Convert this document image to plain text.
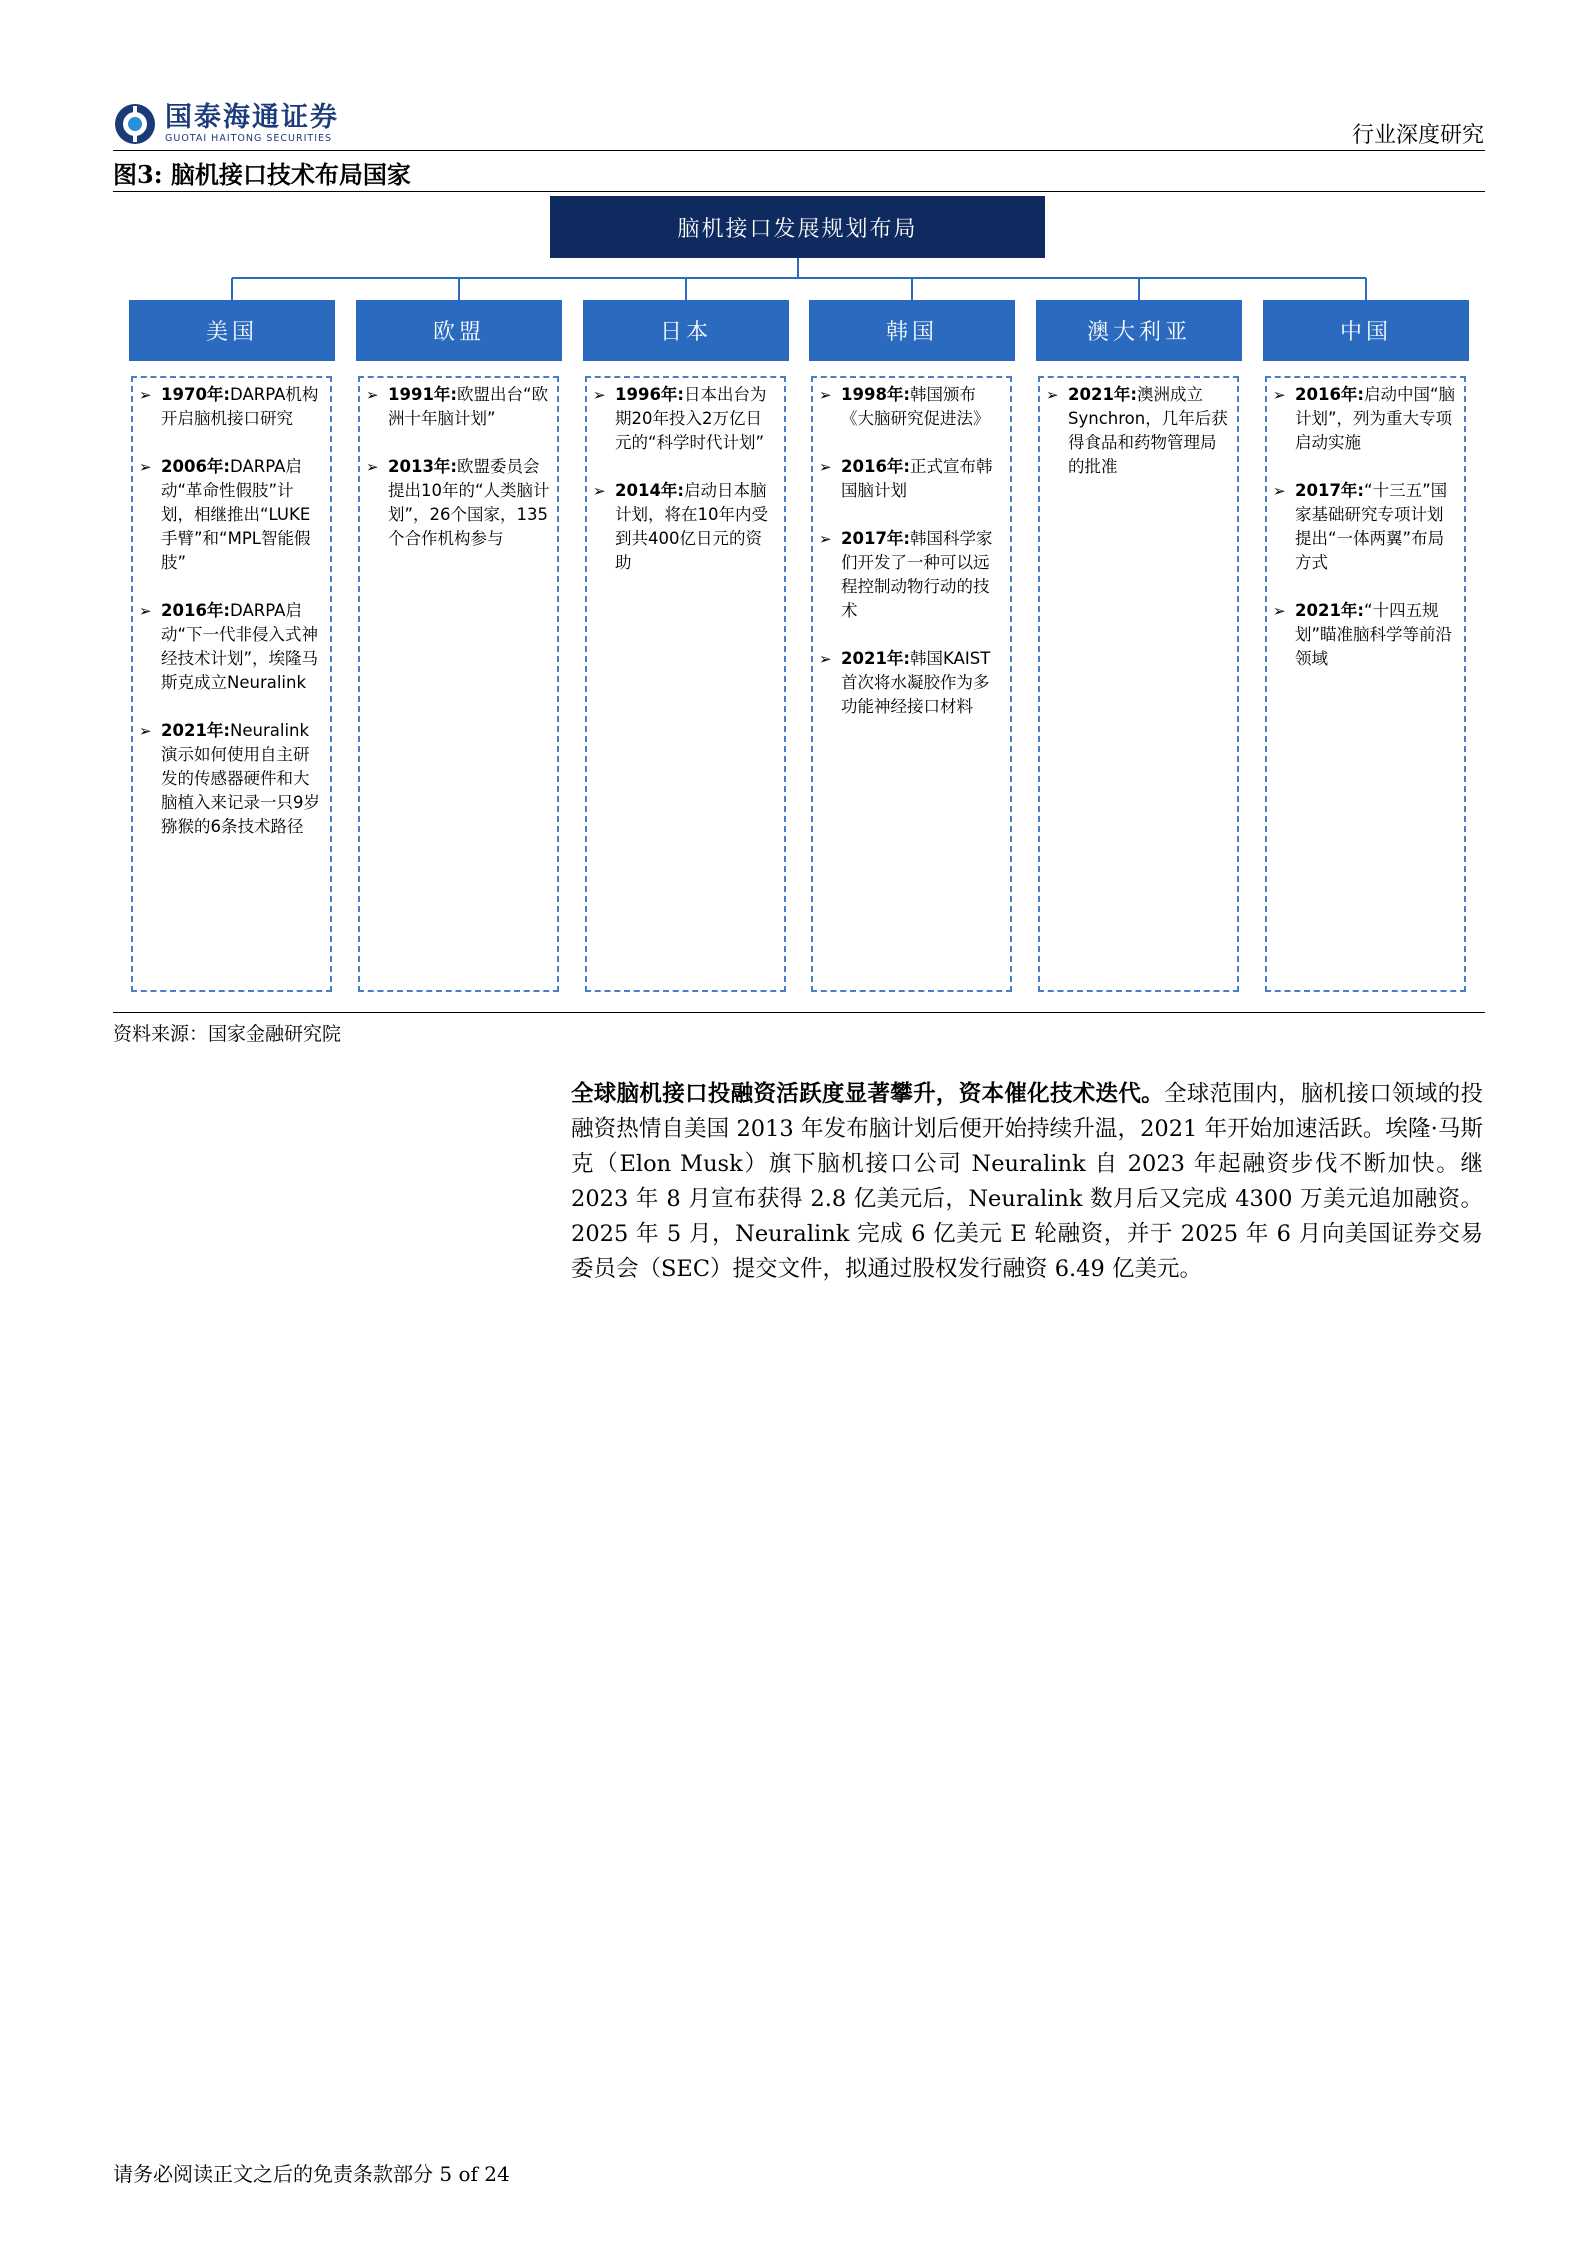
国泰海通证券
GUOTAI HAITONG SECURITIES	行业深度研究
图3: 脑机接口技术布局国家
脑机接口发展规划布局
美国
➢ 1970年:DARPA机构开启脑机接口研究
➢ 2006年:DARPA启动“革命性假肢”计划，相继推出“LUKE手臂”和“MPL智能假肢”
➢ 2016年:DARPA启动“下一代非侵入式神经技术计划”，埃隆马斯克成立Neuralink
➢ 2021年:Neuralink演示如何使用自主研发的传感器硬件和大脑植入来记录一只9岁猕猴的6条技术路径
欧盟
➢ 1991年:欧盟出台“欧洲十年脑计划”
➢ 2013年:欧盟委员会提出10年的“人类脑计划”，26个国家，135个合作机构参与
日本
➢ 1996年:日本出台为期20年投入2万亿日元的“科学时代计划”
➢ 2014年:启动日本脑计划，将在10年内受到共400亿日元的资助
韩国
➢ 1998年:韩国颁布《大脑研究促进法》
➢ 2016年:正式宣布韩国脑计划
➢ 2017年:韩国科学家们开发了一种可以远程控制动物行动的技术
➢ 2021年:韩国KAIST首次将水凝胶作为多功能神经接口材料
澳大利亚
➢ 2021年:澳洲成立Synchron，几年后获得食品和药物管理局的批准
中国
➢ 2016年:启动中国“脑计划”，列为重大专项启动实施
➢ 2017年:“十三五”国家基础研究专项计划提出“一体两翼”布局方式
➢ 2021年:“十四五规划”瞄准脑科学等前沿领域
资料来源：国家金融研究院
全球脑机接口投融资活跃度显著攀升，资本催化技术迭代。全球范围内，脑机接口领域的投融资热情自美国 2013 年发布脑计划后便开始持续升温，2021 年开始加速活跃。埃隆·马斯克（Elon Musk）旗下脑机接口公司 Neuralink 自 2023 年起融资步伐不断加快。继 2023 年 8 月宣布获得 2.8 亿美元后，Neuralink 数月后又完成 4300 万美元追加融资。2025 年 5 月，Neuralink 完成 6 亿美元 E 轮融资，并于 2025 年 6 月向美国证券交易委员会（SEC）提交文件，拟通过股权发行融资 6.49 亿美元。
请务必阅读正文之后的免责条款部分 5 of 24
